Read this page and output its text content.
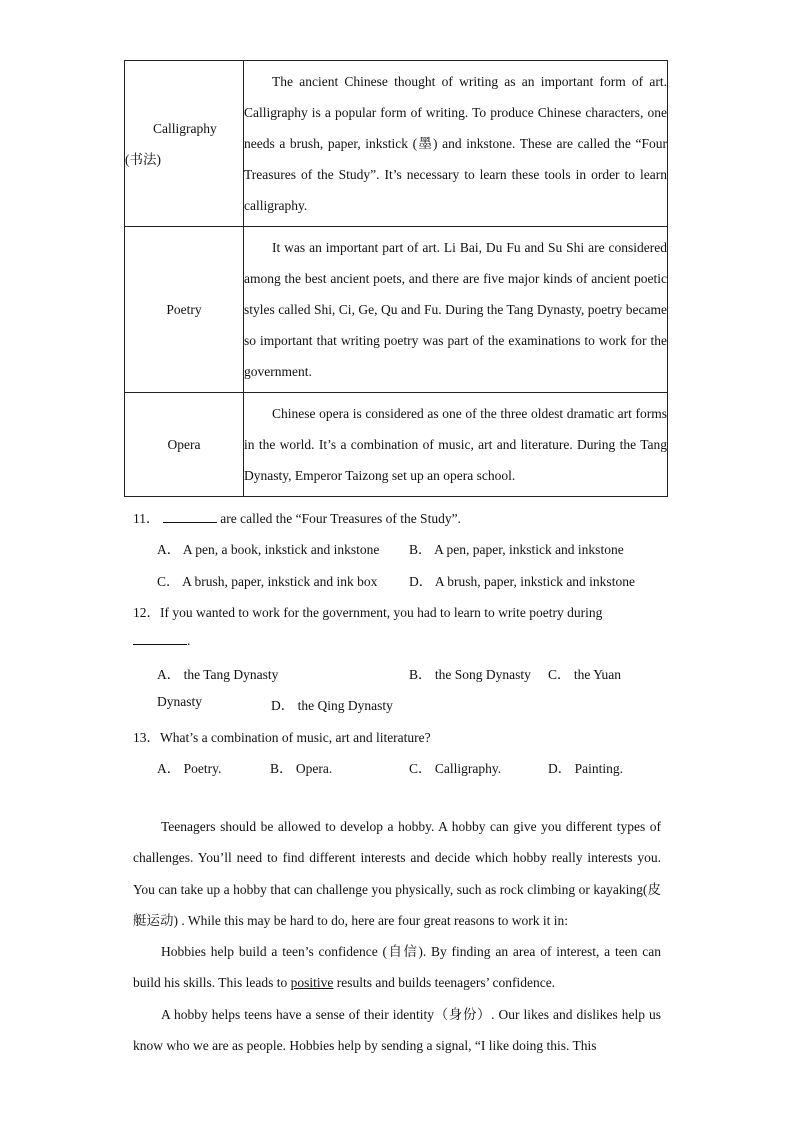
Calligraphy
(书法)	The ancient Chinese thought of writing as an important form of art. Calligraphy is a popular form of writing. To produce Chinese characters, one needs a brush, paper, inkstick (墨) and inkstone. These are called the “Four Treasures of the Study”. It’s necessary to learn these tools in order to learn calligraphy.

Poetry	It was an important part of art. Li Bai, Du Fu and Su Shi are considered among the best ancient poets, and there are five major kinds of ancient poetic styles called Shi, Ci, Ge, Qu and Fu. During the Tang Dynasty, poetry became so important that writing poetry was part of the examinations to work for the government.

Opera	Chinese opera is considered as one of the three oldest dramatic art forms in the world. It’s a combination of music, art and literature. During the Tang Dynasty, Emperor Taizong set up an opera school.

11．	are called the “Four Treasures of the Study”.
A． A pen, a book, inkstick and inkstone B． A pen, paper, inkstick and inkstone
C． A brush, paper, inkstick and ink box D． A brush, paper, inkstick and inkstone
12．If you wanted to work for the government, you had to learn to write poetry during
.
A． the Tang Dynasty	B． the Song Dynasty C． the Yuan
Dynasty	D． the Qing Dynasty
13．What’s a combination of music, art and literature?
A． Poetry.	B． Opera.	C． Calligraphy.	D． Painting.

Teenagers should be allowed to develop a hobby. A hobby can give you different types of challenges. You’ll need to find different interests and decide which hobby really interests you. You can take up a hobby that can challenge you physically, such as rock climbing or kayaking(皮艇运动) . While this may be hard to do, here are four great reasons to work it in:

Hobbies help build a teen’s confidence (自信). By finding an area of interest, a teen can build his skills. This leads to positive results and builds teenagers’ confidence.

A hobby helps teens have a sense of their identity（身份）. Our likes and dislikes help us know who we are as people. Hobbies help by sending a signal, “I like doing this. This
